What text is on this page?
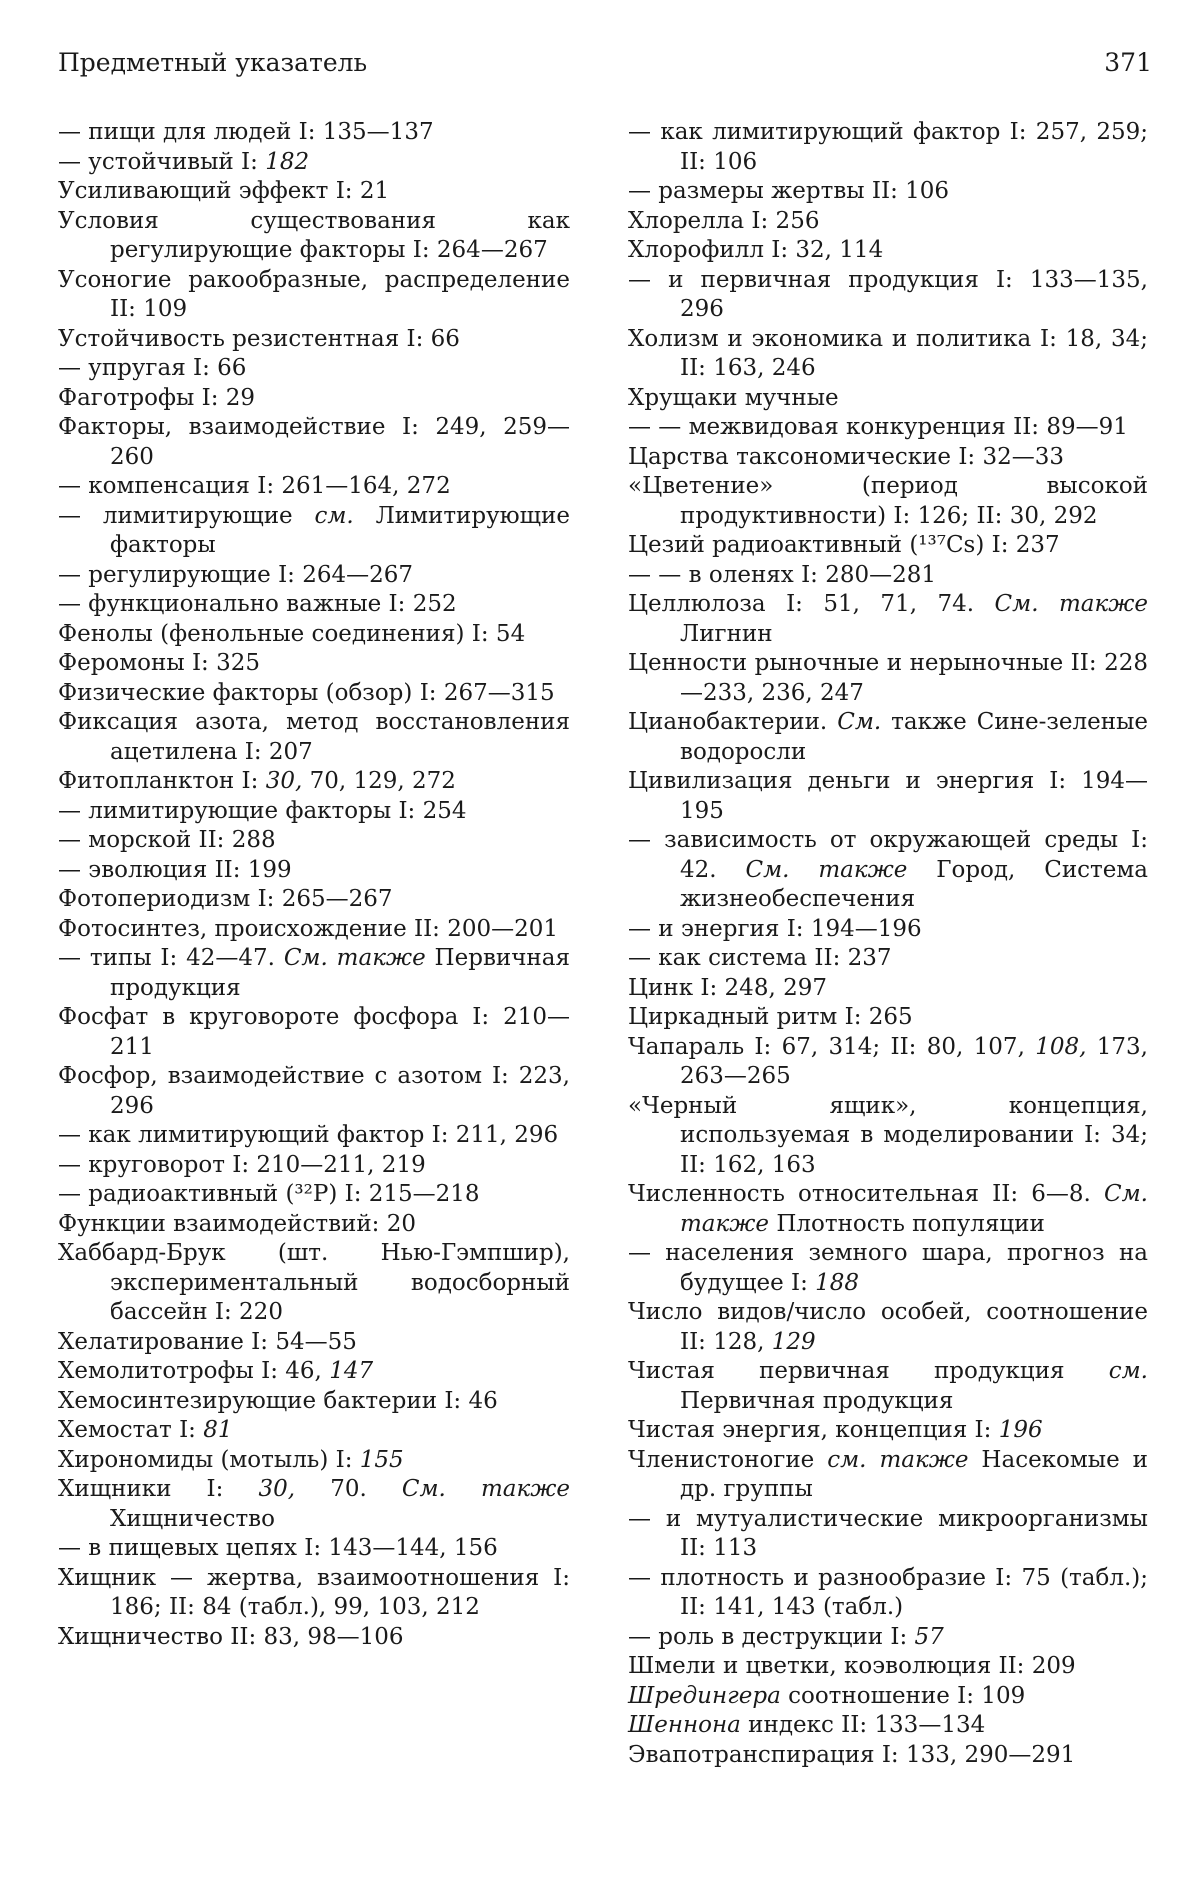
Предметный указатель	371

— пищи для людей I: 135—137

— устойчивый I: 182

Усиливающий эффект I: 21

Условия существования как регулирующие факторы I: 264—267

Усоногие ракообразные, распределение II: 109

Устойчивость резистентная I: 66

— упругая I: 66

Фаготрофы I: 29

Факторы, взаимодействие I: 249, 259—260

— компенсация I: 261—164, 272

— лимитирующие см. Лимитирующие факторы

— регулирующие I: 264—267

— функционально важные I: 252

Фенолы (фенольные соединения) I: 54

Феромоны I: 325

Физические факторы (обзор) I: 267—315

Фиксация азота, метод восстановления ацетилена I: 207

Фитопланктон I: 30, 70, 129, 272

— лимитирующие факторы I: 254

— морской II: 288

— эволюция II: 199

Фотопериодизм I: 265—267

Фотосинтез, происхождение II: 200—201

— типы I: 42—47. См. также Первичная продукция

Фосфат в круговороте фосфора I: 210—211

Фосфор, взаимодействие с азотом I: 223, 296

— как лимитирующий фактор I: 211, 296

— круговорот I: 210—211, 219

— радиоактивный (³²P) I: 215—218

Функции взаимодействий: 20

Хаббард-Брук (шт. Нью-Гэмпшир), экспериментальный водосборный бассейн I: 220

Хелатирование I: 54—55

Хемолитотрофы I: 46, 147

Хемосинтезирующие бактерии I: 46

Хемостат I: 81

Хирономиды (мотыль) I: 155

Хищники I: 30, 70. См. также Хищничество

— в пищевых цепях I: 143—144, 156

Хищник — жертва, взаимоотношения I: 186; II: 84 (табл.), 99, 103, 212

Хищничество II: 83, 98—106

— как лимитирующий фактор I: 257, 259; II: 106

— размеры жертвы II: 106

Хлорелла I: 256

Хлорофилл I: 32, 114

— и первичная продукция I: 133—135, 296

Холизм и экономика и политика I: 18, 34; II: 163, 246

Хрущаки мучные

— — межвидовая конкуренция II: 89—91

Царства таксономические I: 32—33

«Цветение» (период высокой продуктивности) I: 126; II: 30, 292

Цезий радиоактивный (¹³⁷Cs) I: 237

— — в оленях I: 280—281

Целлюлоза I: 51, 71, 74. См. также Лигнин

Ценности рыночные и нерыночные II: 228—233, 236, 247

Цианобактерии. См. также Сине-зеленые водоросли

Цивилизация деньги и энергия I: 194—195

— зависимость от окружающей среды I: 42. См. также Город, Система жизнеобеспечения

— и энергия I: 194—196

— как система II: 237

Цинк I: 248, 297

Циркадный ритм I: 265

Чапараль I: 67, 314; II: 80, 107, 108, 173, 263—265

«Черный ящик», концепция, используемая в моделировании I: 34; II: 162, 163

Численность относительная II: 6—8. См. также Плотность популяции

— населения земного шара, прогноз на будущее I: 188

Число видов/число особей, соотношение II: 128, 129

Чистая первичная продукция см. Первичная продукция

Чистая энергия, концепция I: 196

Членистоногие см. также Насекомые и др. группы

— и мутуалистические микроорганизмы II: 113

— плотность и разнообразие I: 75 (табл.); II: 141, 143 (табл.)

— роль в деструкции I: 57

Шмели и цветки, коэволюция II: 209

Шредингера соотношение I: 109

Шеннона индекс II: 133—134

Эвапотранспирация I: 133, 290—291
